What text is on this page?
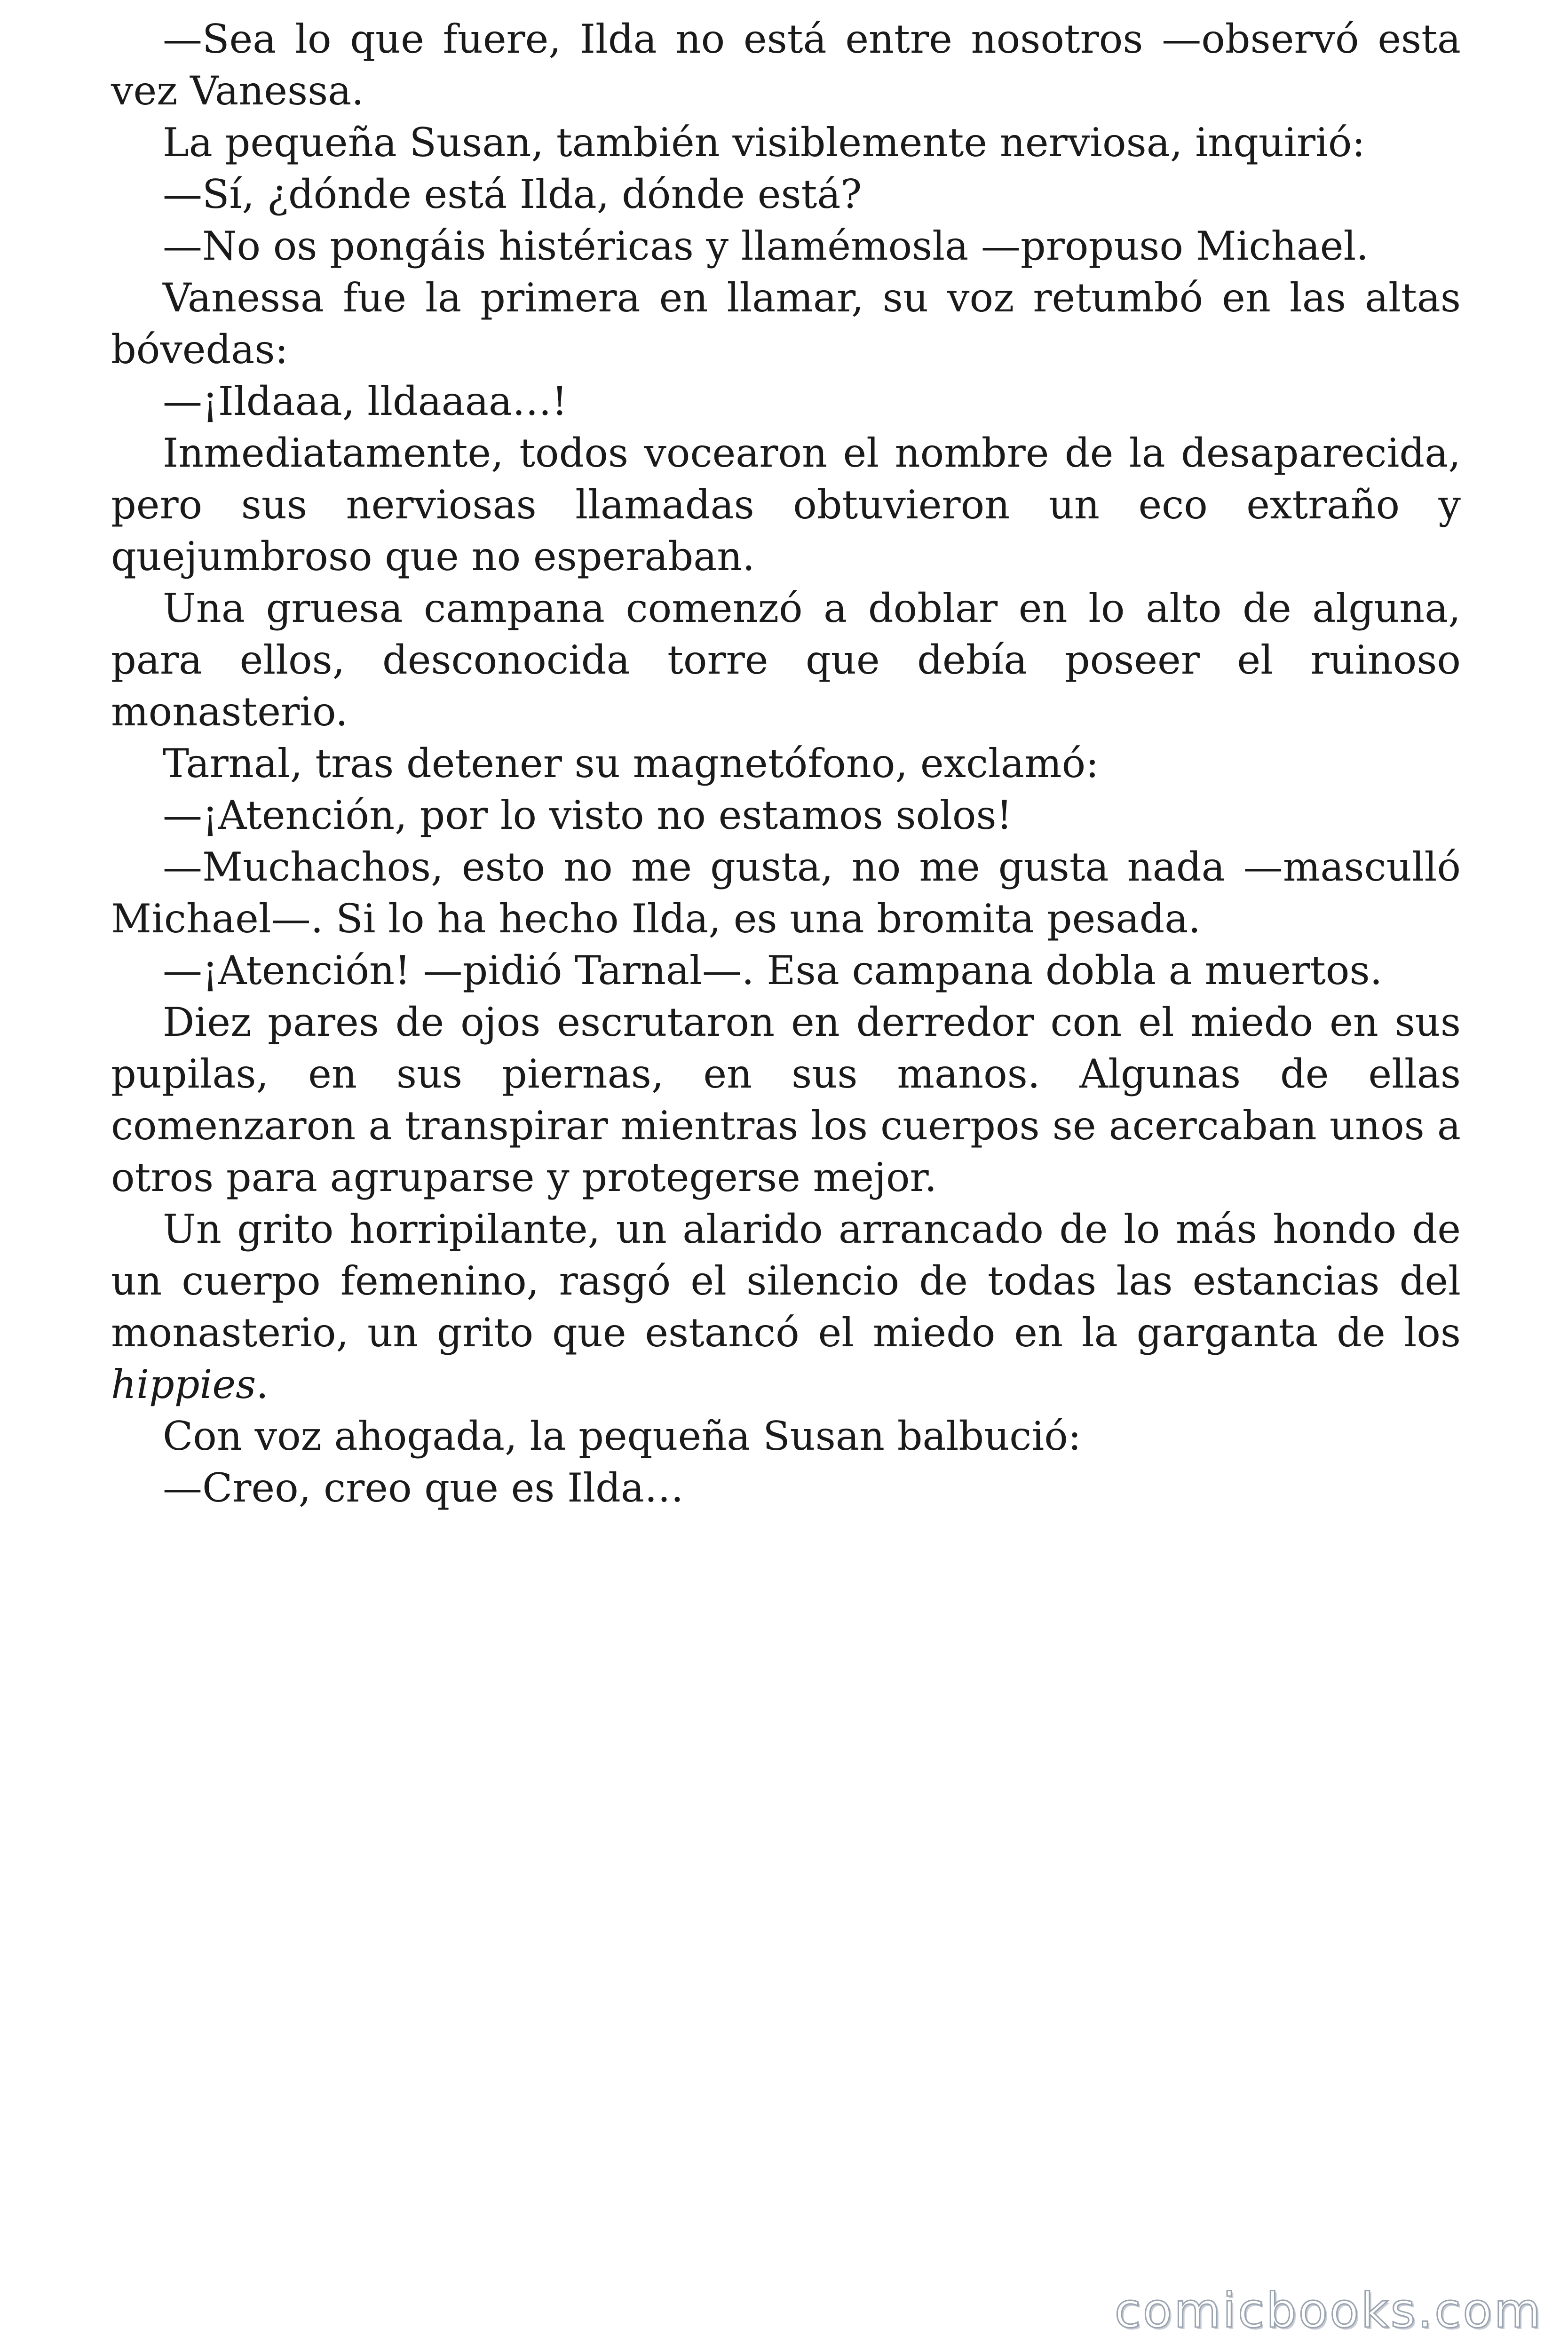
—Sea lo que fuere, Ilda no está entre nosotros —observó esta vez Vanessa.

La pequeña Susan, también visiblemente nerviosa, inquirió:

—Sí, ¿dónde está Ilda, dónde está?

—No os pongáis histéricas y llamémosla —propuso Michael.

Vanessa fue la primera en llamar, su voz retumbó en las altas bóvedas:

—¡Ildaaa, lldaaaa…!

Inmediatamente, todos vocearon el nombre de la desaparecida, pero sus nerviosas llamadas obtuvieron un eco extraño y quejumbroso que no esperaban.

Una gruesa campana comenzó a doblar en lo alto de alguna, para ellos, desconocida torre que debía poseer el ruinoso monasterio.

Tarnal, tras detener su magnetófono, exclamó:

—¡Atención, por lo visto no estamos solos!

—Muchachos, esto no me gusta, no me gusta nada —masculló Michael—. Si lo ha hecho Ilda, es una bromita pesada.

—¡Atención! —pidió Tarnal—. Esa campana dobla a muertos.

Diez pares de ojos escrutaron en derredor con el miedo en sus pupilas, en sus piernas, en sus manos. Algunas de ellas comenzaron a transpirar mientras los cuerpos se acercaban unos a otros para agruparse y protegerse mejor.

Un grito horripilante, un alarido arrancado de lo más hondo de un cuerpo femenino, rasgó el silencio de todas las estancias del monasterio, un grito que estancó el miedo en la garganta de los hippies.

Con voz ahogada, la pequeña Susan balbució:

—Creo, creo que es Ilda…

comicbooks.com
